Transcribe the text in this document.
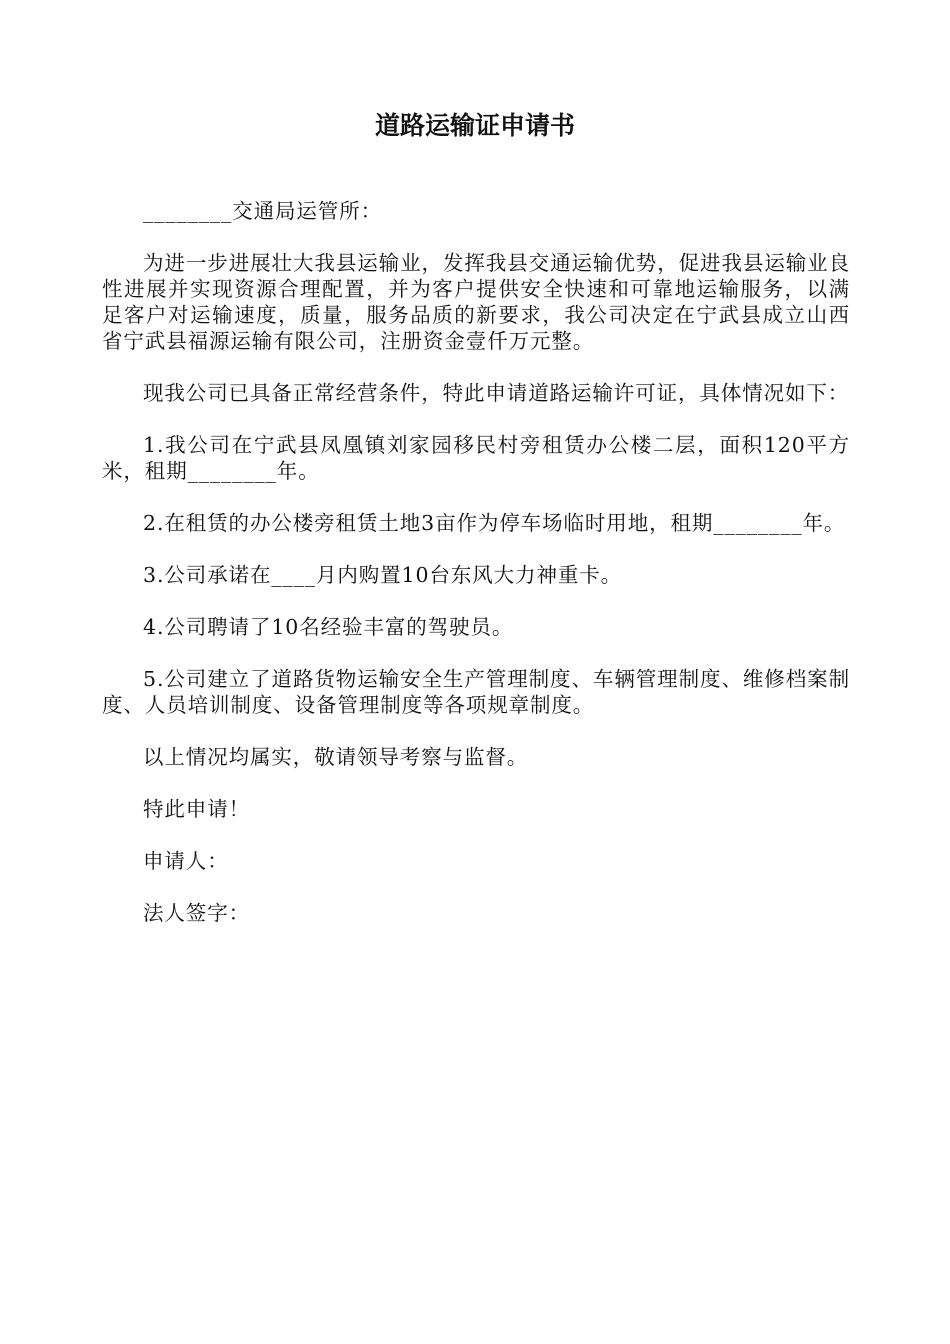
道路运输证申请书
________交通局运管所：

为进一步进展壮大我县运输业，发挥我县交通运输优势，促进我县运输业良性进展并实现资源合理配置，并为客户提供安全快速和可靠地运输服务，以满足客户对运输速度，质量，服务品质的新要求，我公司决定在宁武县成立山西省宁武县福源运输有限公司，注册资金壹仟万元整。

现我公司已具备正常经营条件，特此申请道路运输许可证，具体情况如下：

1.我公司在宁武县凤凰镇刘家园移民村旁租赁办公楼二层，面积120平方米，租期________年。

2.在租赁的办公楼旁租赁土地3亩作为停车场临时用地，租期________年。

3.公司承诺在____月内购置10台东风大力神重卡。

4.公司聘请了10名经验丰富的驾驶员。

5.公司建立了道路货物运输安全生产管理制度、车辆管理制度、维修档案制度、人员培训制度、设备管理制度等各项规章制度。

以上情况均属实，敬请领导考察与监督。

特此申请！

申请人：

法人签字：
